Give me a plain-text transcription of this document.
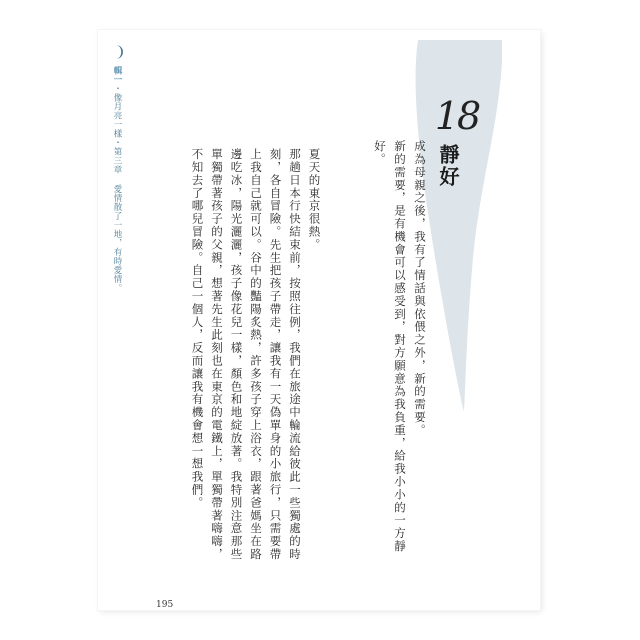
輯一・像月亮一樣・第三章 愛情散了一地，有時愛情。	18
靜好

成為母親之後，我有了情話與依偎之外，新的需要。

新的需要，是有機會可以感受到，對方願意為我負重，給我小小的一方靜好。

夏天的東京很熱。

那趟日本行快結束前，按照往例，我們在旅途中輪流給彼此一些獨處的時刻，各自冒險。先生把孩子帶走，讓我有一天偽單身的小旅行，只需要帶上我自己就可以。谷中的豔陽炙熱，許多孩子穿上浴衣，跟著爸媽坐在路邊吃冰，陽光灑灑，孩子像花兒一樣，顏色和地綻放著。我特別注意那些單獨帶著孩子的父親，想著先生此刻也在東京的電鐵上，單獨帶著嗨嗨，不知去了哪兒冒險。自己一個人，反而讓我有機會想一想我們。

195
